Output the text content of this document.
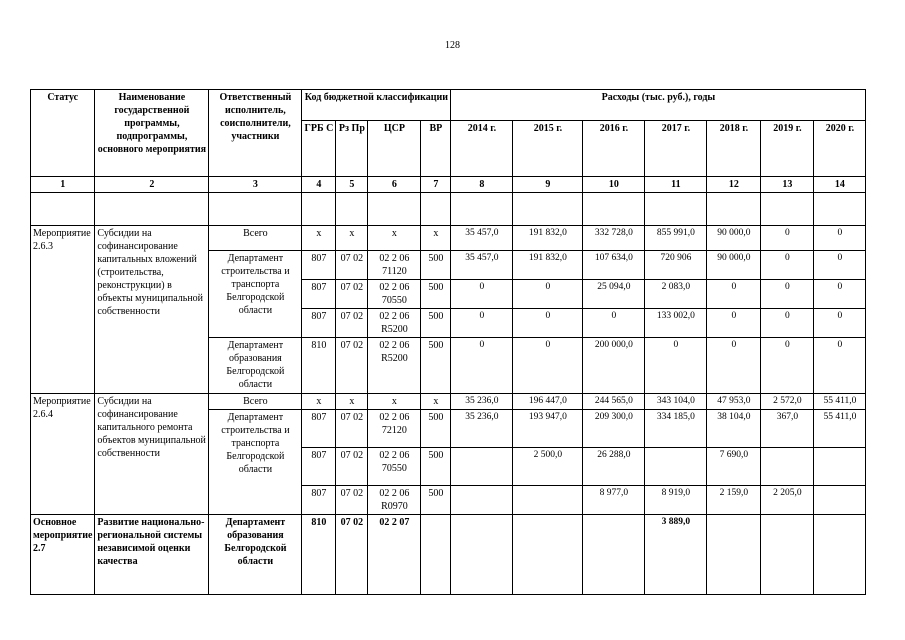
128
Статус	Наименование государственной программы, подпрограммы, основного мероприятия	Ответственный исполнитель, соисполнители, участники	Код бюджетной классификации				Расходы (тыс. руб.), годы						
			ГРБ С	Рз Пр	ЦСР	ВР	2014 г.	2015 г.	2016 г.	2017 г.	2018 г.	2019 г.	2020 г.
1	2	3	4	5	6	7	8	9	10	11	12	13	14

Мероприятие 2.6.3	Субсидии на софинансирование капитальных вложений (строительства, реконструкции) в объекты муниципальной собственности	Всего	х	х	х	х	35 457,0	191 832,0	332 728,0	855 991,0	90 000,0	0	0
		Департамент строительства и транспорта Белгородской области	807	07 02	02 2 06 71120	500	35 457,0	191 832,0	107 634,0	720 906	90 000,0	0	0
			807	07 02	02 2 06 70550	500	0	0	25 094,0	2 083,0	0	0	0
			807	07 02	02 2 06 R5200	500	0	0	0	133 002,0	0	0	0
		Департамент образования Белгородской области	810	07 02	02 2 06 R5200	500	0	0	200 000,0	0	0	0	0
Мероприятие 2.6.4	Субсидии на софинансирование капитального ремонта объектов муниципальной собственности	Всего	х	х	х	х	35 236,0	196 447,0	244 565,0	343 104,0	47 953,0	2 572,0	55 411,0
		Департамент строительства и транспорта Белгородской области	807	07 02	02 2 06 72120	500	35 236,0	193 947,0	209 300,0	334 185,0	38 104,0	367,0	55 411,0
			807	07 02	02 2 06 70550	500		2 500,0	26 288,0		7 690,0		
			807	07 02	02 2 06 R0970	500			8 977,0	8 919,0	2 159,0	2 205,0	
Основное мероприятие 2.7	Развитие национально-региональной системы независимой оценки качества	Департамент образования Белгородской области	810	07 02	02 2 07					3 889,0			
